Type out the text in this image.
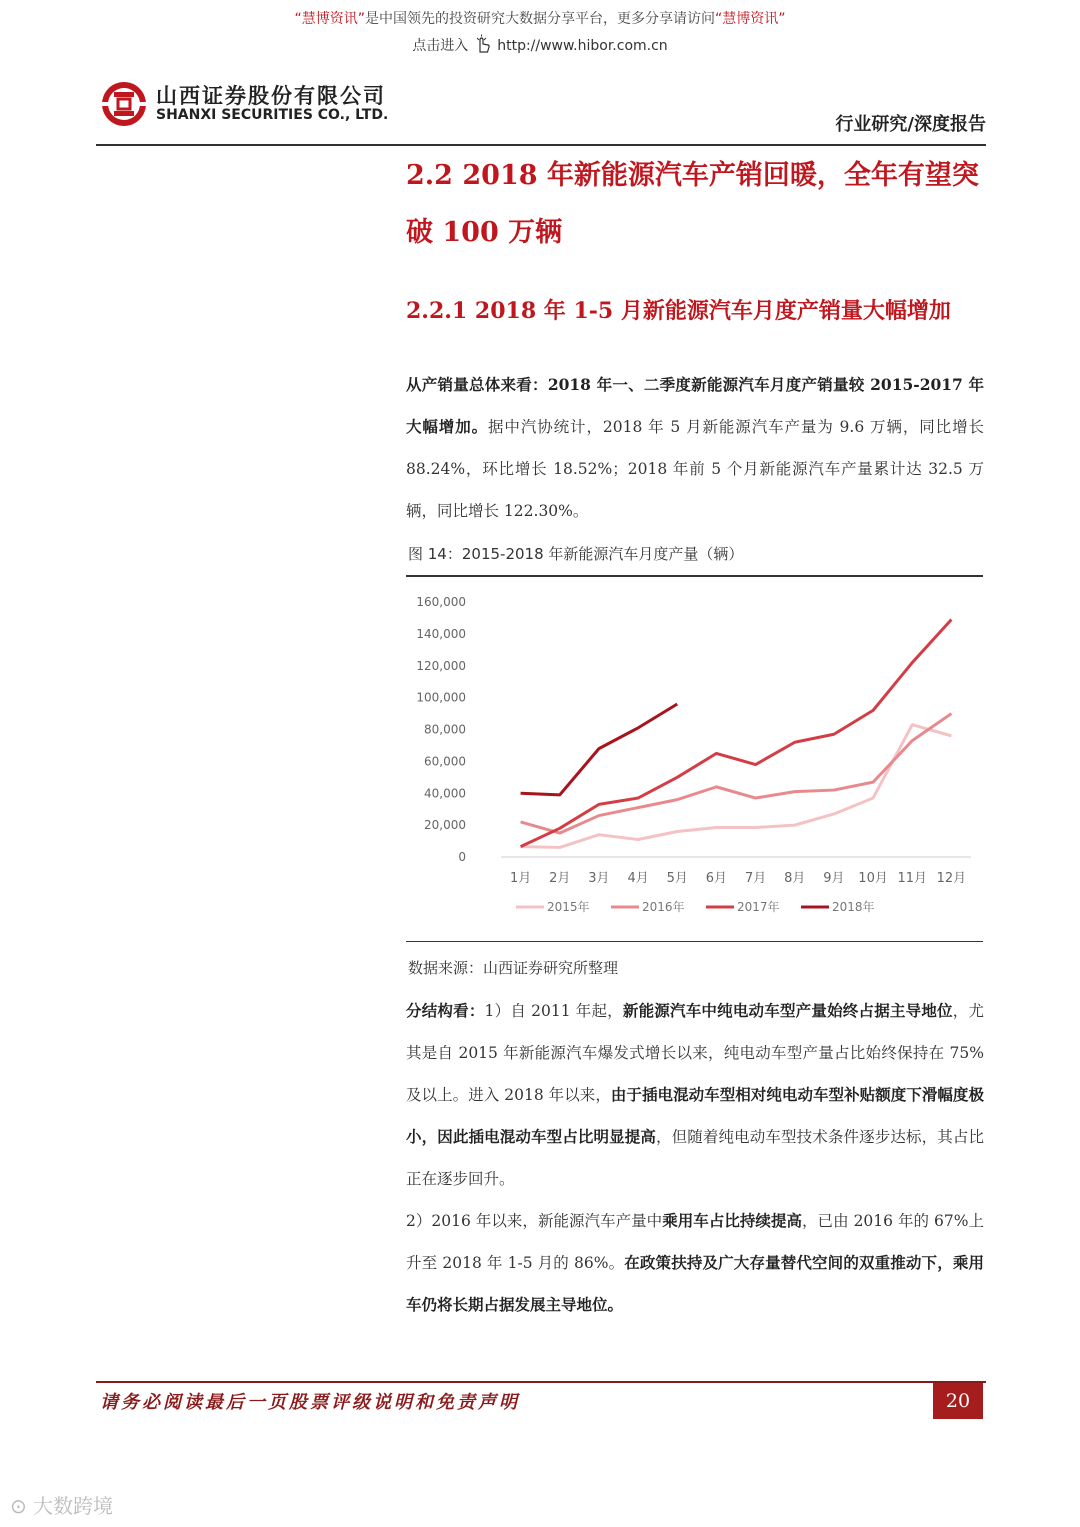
“慧博资讯”是中国领先的投资研究大数据分享平台，更多分享请访问“慧博资讯”
点击进入 http://www.hibor.com.cn
山西证券股份有限公司
SHANXI SECURITIES CO., LTD.	行业研究/深度报告
2.2 2018 年新能源汽车产销回暖，全年有望突
破 100 万辆
2.2.1 2018 年 1-5 月新能源汽车月度产销量大幅增加
从产销量总体来看：2018 年一、二季度新能源汽车月度产销量较 2015-2017 年大幅增加。据中汽协统计，2018 年 5 月新能源汽车产量为 9.6 万辆，同比增长 88.24%，环比增长 18.52%；2018 年前 5 个月新能源汽车产量累计达 32.5 万辆，同比增长 122.30%。
图 14：2015-2018 年新能源汽车月度产量（辆）
0
20,000
40,000
60,000
80,000
100,000
120,000
140,000
160,000
1月 2月 3月 4月 5月 6月 7月 8月 9月 10月 11月 12月
2015年	2016年	2017年	2018年
数据来源：山西证券研究所整理
分结构看：1）自 2011 年起，新能源汽车中纯电动车型产量始终占据主导地位，尤其是自 2015 年新能源汽车爆发式增长以来，纯电动车型产量占比始终保持在 75%及以上。进入 2018 年以来，由于插电混动车型相对纯电动车型补贴额度下滑幅度极小，因此插电混动车型占比明显提高，但随着纯电动车型技术条件逐步达标，其占比正在逐步回升。
2）2016 年以来，新能源汽车产量中乘用车占比持续提高，已由 2016 年的 67%上升至 2018 年 1-5 月的 86%。在政策扶持及广大存量替代空间的双重推动下，乘用车仍将长期占据发展主导地位。
请务必阅读最后一页股票评级说明和免责声明	20
⊙ 大数跨境
